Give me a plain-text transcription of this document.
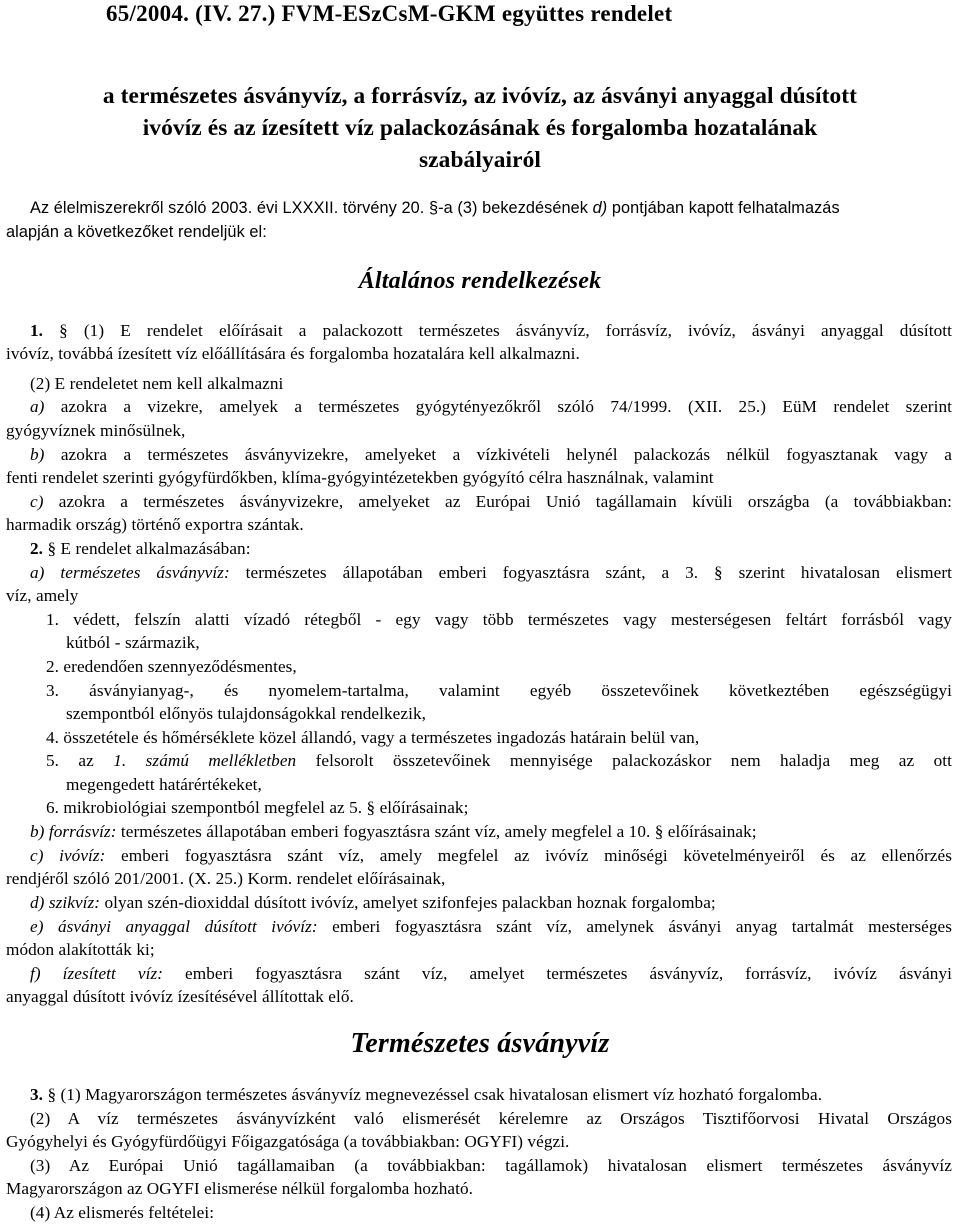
65/2004. (IV. 27.) FVM-ESzCsM-GKM együttes rendelet
a természetes ásványvíz, a forrásvíz, az ivóvíz, az ásványi anyaggal dúsított
ivóvíz és az ízesített víz palackozásának és forgalomba hozatalának
szabályairól

Az élelmiszerekről szóló 2003. évi LXXXII. törvény 20. §-a (3) bekezdésének d) pontjában kapott felhatalmazás

alapján a következőket rendeljük el:

Általános rendelkezések

1. § (1) E rendelet előírásait a palackozott természetes ásványvíz, forrásvíz, ivóvíz, ásványi anyaggal dúsított

ivóvíz, továbbá ízesített víz előállítására és forgalomba hozatalára kell alkalmazni.

(2) E rendeletet nem kell alkalmazni

a) azokra a vizekre, amelyek a természetes gyógytényezőkről szóló 74/1999. (XII. 25.) EüM rendelet szerint

gyógyvíznek minősülnek,

b) azokra a természetes ásványvizekre, amelyeket a vízkivételi helynél palackozás nélkül fogyasztanak vagy a

fenti rendelet szerinti gyógyfürdőkben, klíma-gyógyintézetekben gyógyító célra használnak, valamint

c) azokra a természetes ásványvizekre, amelyeket az Európai Unió tagállamain kívüli országba (a továbbiakban:

harmadik ország) történő exportra szántak.

2. § E rendelet alkalmazásában:

a) természetes ásványvíz: természetes állapotában emberi fogyasztásra szánt, a 3. § szerint hivatalosan elismert

víz, amely

1. védett, felszín alatti vízadó rétegből - egy vagy több természetes vagy mesterségesen feltárt forrásból vagy

kútból - származik,

2. eredendően szennyeződésmentes,

3. ásványianyag-, és nyomelem-tartalma, valamint egyéb összetevőinek következtében egészségügyi

szempontból előnyös tulajdonságokkal rendelkezik,

4. összetétele és hőmérséklete közel állandó, vagy a természetes ingadozás határain belül van,

5. az 1. számú mellékletben felsorolt összetevőinek mennyisége palackozáskor nem haladja meg az ott

megengedett határértékeket,

6. mikrobiológiai szempontból megfelel az 5. § előírásainak;

b) forrásvíz: természetes állapotában emberi fogyasztásra szánt víz, amely megfelel a 10. § előírásainak;

c) ivóvíz: emberi fogyasztásra szánt víz, amely megfelel az ivóvíz minőségi követelményeiről és az ellenőrzés

rendjéről szóló 201/2001. (X. 25.) Korm. rendelet előírásainak,

d) szikvíz: olyan szén-dioxiddal dúsított ivóvíz, amelyet szifonfejes palackban hoznak forgalomba;

e) ásványi anyaggal dúsított ivóvíz: emberi fogyasztásra szánt víz, amelynek ásványi anyag tartalmát mesterséges

módon alakították ki;

f) ízesített víz: emberi fogyasztásra szánt víz, amelyet természetes ásványvíz, forrásvíz, ivóvíz ásványi

anyaggal dúsított ivóvíz ízesítésével állítottak elő.

Természetes ásványvíz

3. § (1) Magyarországon természetes ásványvíz megnevezéssel csak hivatalosan elismert víz hozható forgalomba.

(2) A víz természetes ásványvízként való elismerését kérelemre az Országos Tisztifőorvosi Hivatal Országos

Gyógyhelyi és Gyógyfürdőügyi Főigazgatósága (a továbbiakban: OGYFI) végzi.

(3) Az Európai Unió tagállamaiban (a továbbiakban: tagállamok) hivatalosan elismert természetes ásványvíz

Magyarországon az OGYFI elismerése nélkül forgalomba hozható.

(4) Az elismerés feltételei:
